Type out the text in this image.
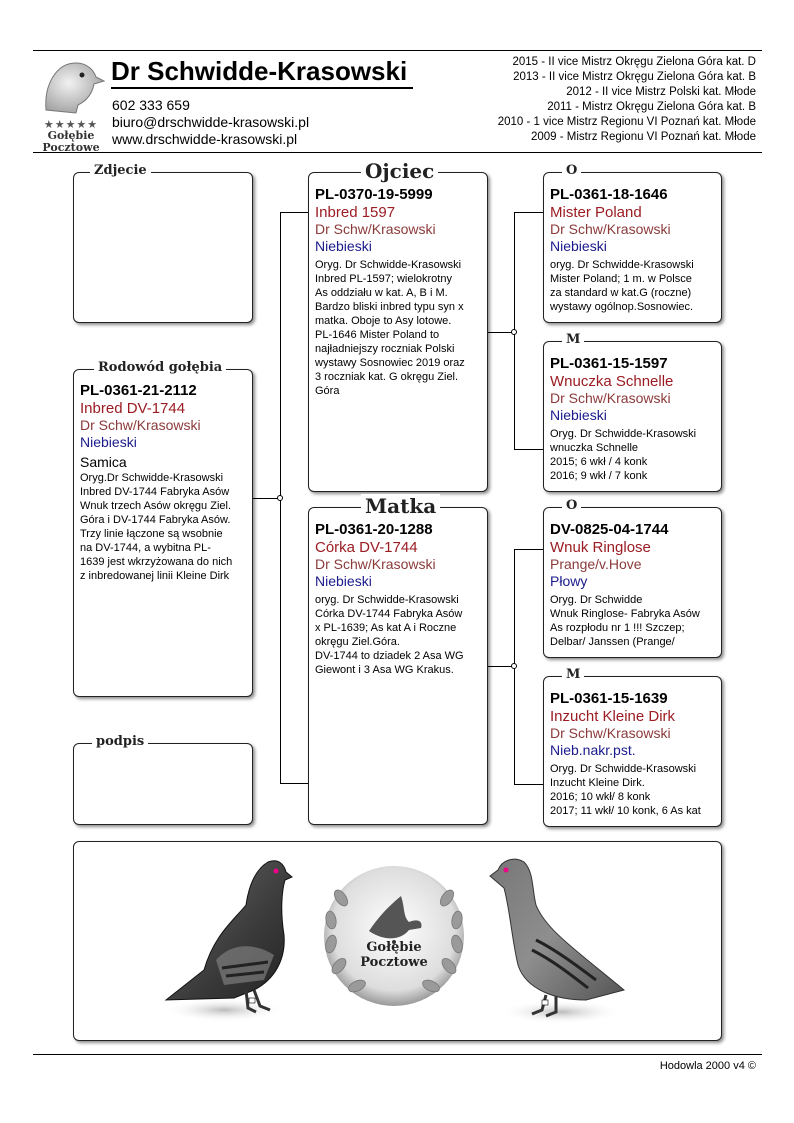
★★★★★
Gołębie
Pocztowe
Dr Schwidde-Krasowski
602 333 659
biuro@drschwidde-krasowski.pl
www.drschwidde-krasowski.pl
2015 - II vice Mistrz Okręgu Zielona Góra kat. D
2013 - II vice Mistrz Okręgu Zielona Góra kat. B
2012 - II vice Mistrz Polski kat. Młode
2011 - Mistrz Okręgu Zielona Góra kat. B
2010 - 1 vice Mistrz Regionu VI Poznań kat. Młode
2009 - Mistrz Regionu VI Poznań kat. Młode
Zdjecie
Rodowód gołębia
PL-0361-21-2112
Inbred DV-1744
Dr Schw/Krasowski
Niebieski
Samica
Oryg.Dr Schwidde-Krasowski
Inbred DV-1744 Fabryka Asów
Wnuk trzech Asów okręgu Ziel.
Góra i DV-1744 Fabryka Asów.
Trzy linie łączone są wsobnie
na DV-1744, a wybitna PL-
1639 jest wkrzyżowana do nich
z inbredowanej linii Kleine Dirk
podpis
Ojciec
PL-0370-19-5999
Inbred 1597
Dr Schw/Krasowski
Niebieski
Oryg. Dr Schwidde-Krasowski
Inbred PL-1597; wielokrotny
As oddziału w kat. A, B i M.
Bardzo bliski inbred typu syn x
matka. Oboje to Asy lotowe.
PL-1646 Mister Poland to
najładniejszy roczniak Polski
wystawy Sosnowiec 2019 oraz
3 roczniak kat. G okręgu Ziel.
Góra
Matka
PL-0361-20-1288
Córka DV-1744
Dr Schw/Krasowski
Niebieski
oryg. Dr Schwidde-Krasowski
Córka DV-1744 Fabryka Asów
x PL-1639; As kat A i Roczne
okręgu Ziel.Góra.
DV-1744 to dziadek 2 Asa WG
Giewont i 3 Asa WG Krakus.
O
PL-0361-18-1646
Mister Poland
Dr Schw/Krasowski
Niebieski
oryg. Dr Schwidde-Krasowski
Mister Poland; 1 m. w Polsce
za standard w kat.G (roczne)
wystawy ogólnop.Sosnowiec.
M
PL-0361-15-1597
Wnuczka Schnelle
Dr Schw/Krasowski
Niebieski
Oryg. Dr Schwidde-Krasowski
wnuczka Schnelle
2015; 6 wkł / 4 konk
2016; 9 wkł / 7 konk
O
DV-0825-04-1744
Wnuk Ringlose
Prange/v.Hove
Płowy
Oryg. Dr Schwidde
Wnuk Ringlose- Fabryka Asów
As rozpłodu nr 1 !!! Szczep;
Delbar/ Janssen (Prange/
M
PL-0361-15-1639
Inzucht Kleine Dirk
Dr Schw/Krasowski
Nieb.nakr.pst.
Oryg. Dr Schwidde-Krasowski
Inzucht Kleine Dirk.
2016; 10 wkł/ 8 konk
2017; 11 wkł/ 10 konk, 6 As kat
Gołębie
Pocztowe
Hodowla 2000 v4 ©
